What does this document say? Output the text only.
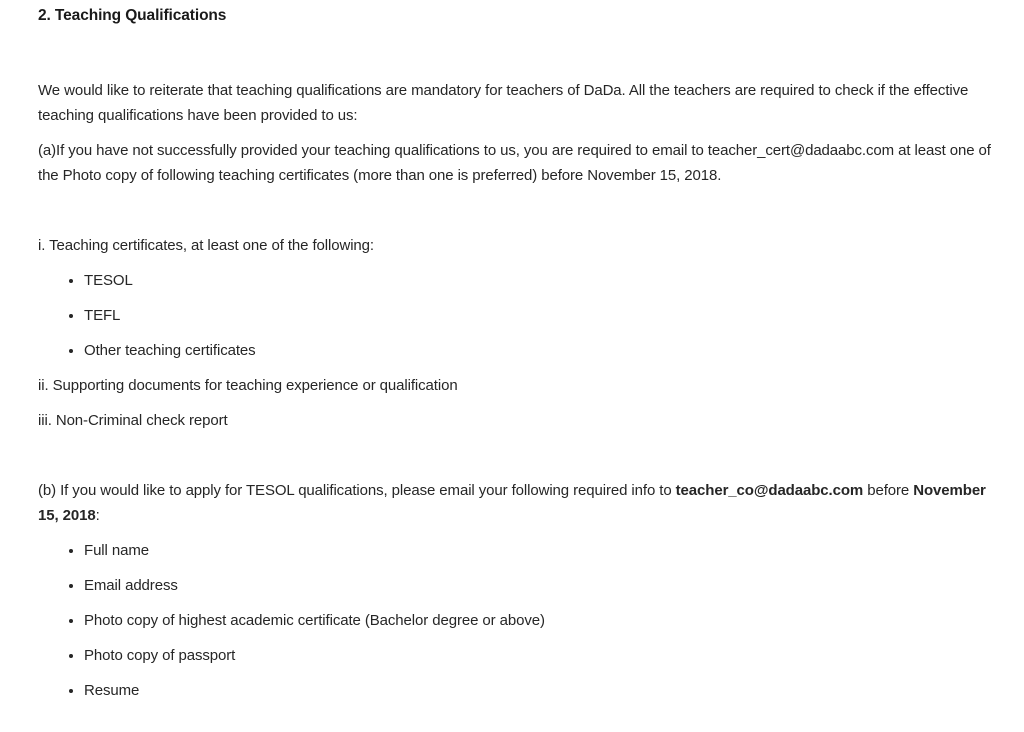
2. Teaching Qualifications

We would like to reiterate that teaching qualifications are mandatory for teachers of DaDa. All the teachers are required to check if the effective teaching qualifications have been provided to us:

(a)If you have not successfully provided your teaching qualifications to us, you are required to email to teacher_cert@dadaabc.com at least one of the Photo copy of following teaching certificates (more than one is preferred) before November 15, 2018.

i. Teaching certificates, at least one of the following:

• TESOL
• TEFL
• Other teaching certificates

ii. Supporting documents for teaching experience or qualification

iii. Non-Criminal check report

(b) If you would like to apply for TESOL qualifications, please email your following required info to teacher_co@dadaabc.com before November 15, 2018:

• Full name
• Email address
• Photo copy of highest academic certificate (Bachelor degree or above)
• Photo copy of passport
• Resume
